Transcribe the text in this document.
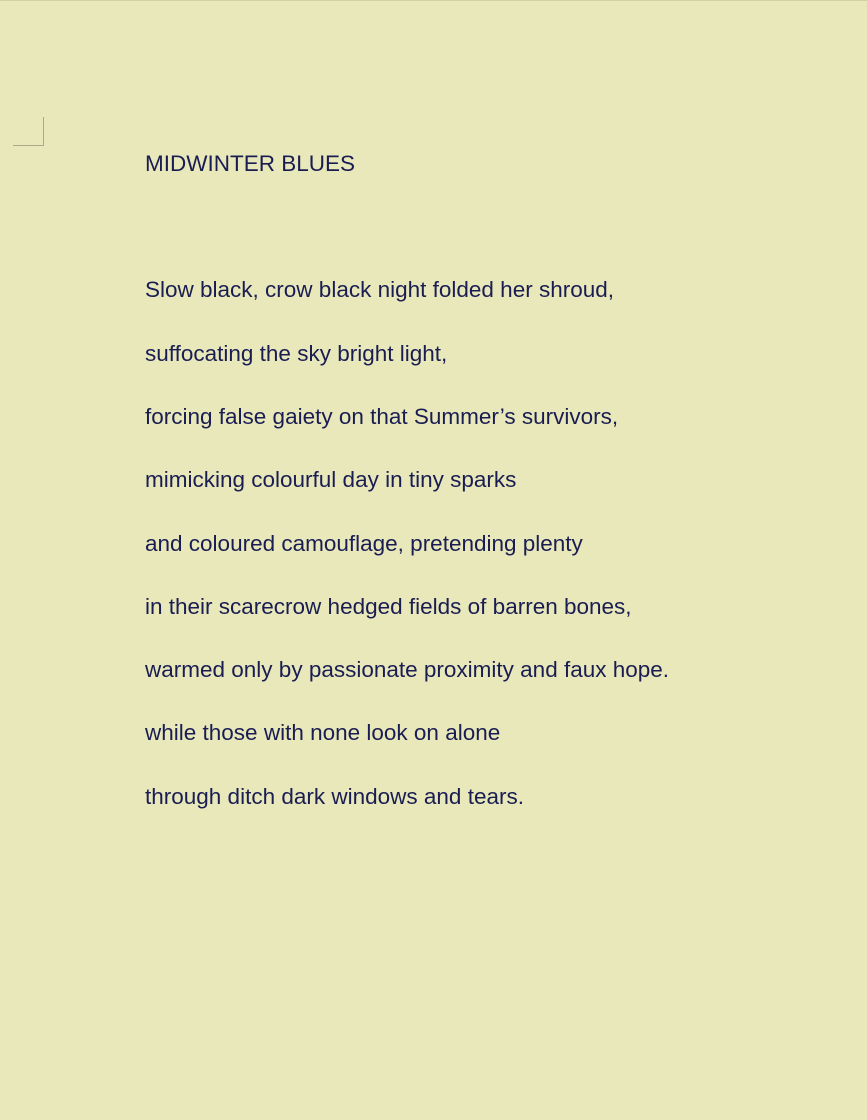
MIDWINTER BLUES
Slow black, crow black night folded her shroud,
suffocating the sky bright light,
forcing false gaiety on that Summer’s survivors,
mimicking colourful day in tiny sparks
and coloured camouflage, pretending plenty
in their scarecrow hedged fields of barren bones,
warmed only by passionate proximity and faux hope.
while those with none look on alone
through ditch dark windows and tears.
